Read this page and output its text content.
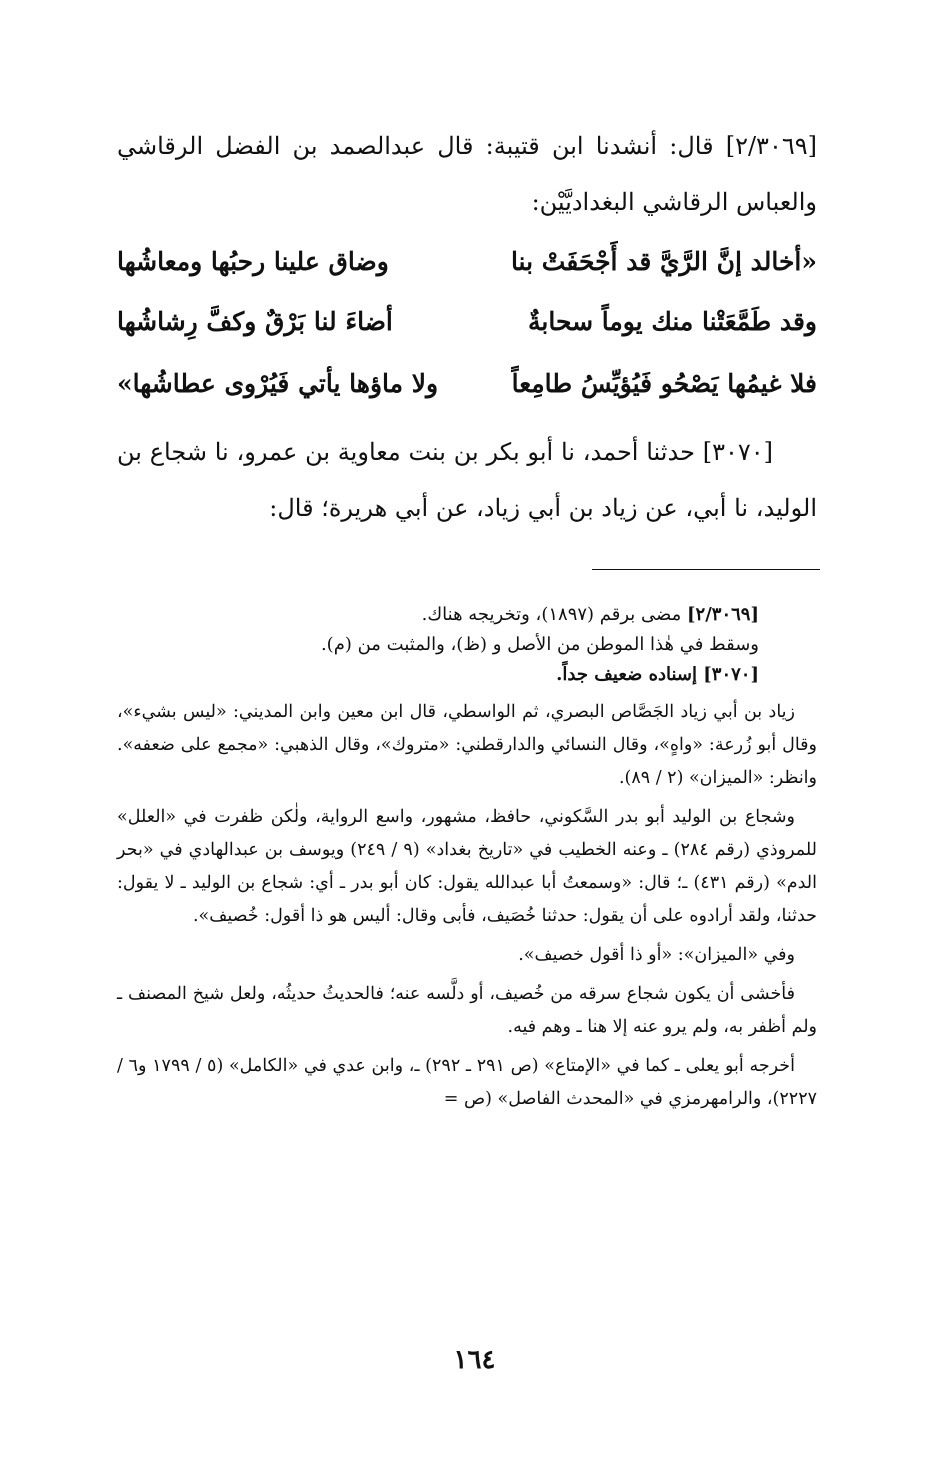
[٢/٣٠٦٩] قال: أنشدنا ابن قتيبة: قال عبدالصمد بن الفضل الرقاشي والعباس الرقاشي البغداديَّيْن:

«أخالد إنَّ الرَّيَّ قد أَجْحَفَتْ بنا
وضاق علينا رحبُها ومعاشُها
وقد طَمَّعَتْنا منك يوماً سحابةٌ
أضاءَ لنا بَرْقٌ وكفَّ رِشاشُها
فلا غيمُها يَصْحُو فَيُؤيِّسُ طامِعاً
ولا ماؤها يأتي فَيُرْوى عطاشُها»

[٣٠٧٠] حدثنا أحمد، نا أبو بكر بن بنت معاوية بن عمرو، نا شجاع بن الوليد، نا أبي، عن زياد بن أبي زياد، عن أبي هريرة؛ قال:

[٢/٣٠٦٩] مضى برقم (١٨٩٧)، وتخريجه هناك.

وسقط في هٰذا الموطن من الأصل و (ظ)، والمثبت من (م).

[٣٠٧٠] إسناده ضعيف جداً.

زياد بن أبي زياد الجَصَّاص البصري، ثم الواسطي، قال ابن معين وابن المديني: «ليس بشيء»، وقال أبو زُرعة: «واهٍ»، وقال النسائي والدارقطني: «متروك»، وقال الذهبي: «مجمع على ضعفه». وانظر: «الميزان» (٢ / ٨٩).

وشجاع بن الوليد أبو بدر السَّكوني، حافظ، مشهور، واسع الرواية، ولٰكن ظفرت في «العلل» للمروذي (رقم ٢٨٤) ـ وعنه الخطيب في «تاريخ بغداد» (٩ / ٢٤٩) ويوسف بن عبدالهادي في «بحر الدم» (رقم ٤٣١) ـ؛ قال: «وسمعتُ أبا عبدالله يقول: كان أبو بدر ـ أي: شجاع بن الوليد ـ لا يقول: حدثنا، ولقد أرادوه على أن يقول: حدثنا خُصَيف، فأبى وقال: أليس هو ذا أقول: خُصيف».

وفي «الميزان»: «أو ذا أقول خصيف».

فأخشى أن يكون شجاع سرقه من خُصيف، أو دلَّسه عنه؛ فالحديثُ حديثُه، ولعل شيخ المصنف ـ ولم أظفر به، ولم يرو عنه إلا هنا ـ وهم فيه.

أخرجه أبو يعلى ـ كما في «الإمتاع» (ص ٢٩١ ـ ٢٩٢) ـ، وابن عدي في «الكامل» (٥ / ١٧٩٩ و٦ / ٢٢٢٧)، والرامهرمزي في «المحدث الفاصل» (ص =

١٦٤
